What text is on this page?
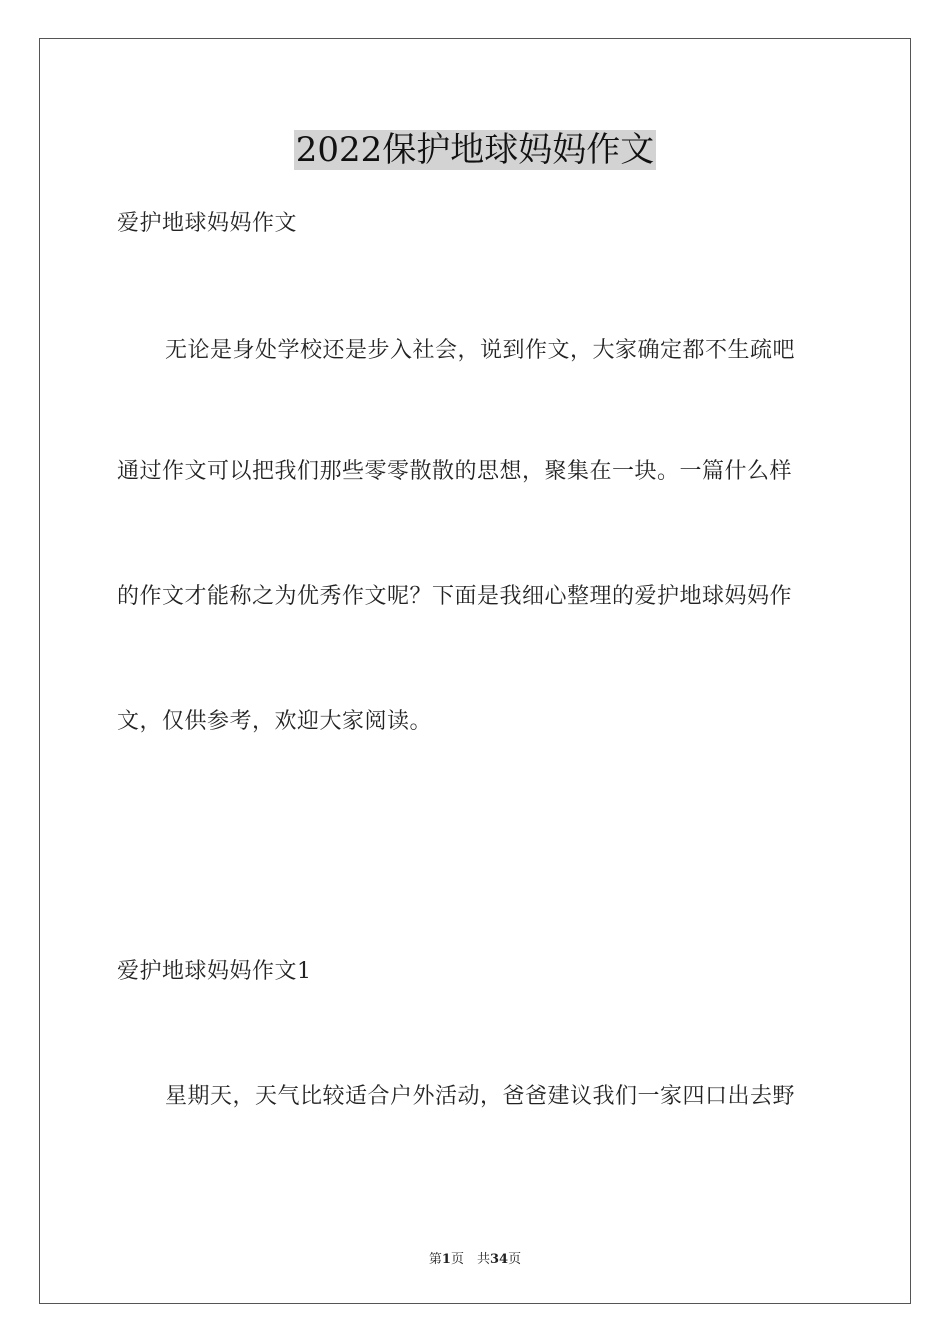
2022保护地球妈妈作文
爱护地球妈妈作文
无论是身处学校还是步入社会，说到作文，大家确定都不生疏吧
通过作文可以把我们那些零零散散的思想，聚集在一块。一篇什么样
的作文才能称之为优秀作文呢？下面是我细心整理的爱护地球妈妈作
文，仅供参考，欢迎大家阅读。
爱护地球妈妈作文1
星期天，天气比较适合户外活动，爸爸建议我们一家四口出去野
第1页　共34页
